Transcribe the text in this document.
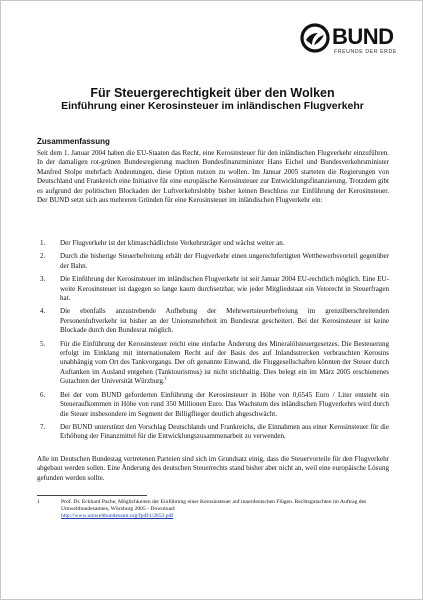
BUND
FREUNDE DER ERDE
Für Steuergerechtigkeit über den Wolken
Einführung einer Kerosinsteuer im inländischen Flugverkehr
Zusammenfassung
Seit dem 1. Januar 2004 haben die EU-Staaten das Recht, eine Kerosinsteuer für den inländischen Flugverkehr einzuführen. In der damaligen rot-grünen Bundesregierung machten Bundesfinanzminister Hans Eichel und Bundesverkehrsminister Manfred Stolpe mehrfach Andeutungen, diese Option nutzen zu wollen. Im Januar 2005 starteten die Regierungen von Deutschland und Frankreich eine Initiative für eine europäische Kerosinsteuer zur Entwicklungsfinanzierung. Trotzdem gibt es aufgrund der politischen Blockaden der Luftverkehrslobby bisher keinen Beschluss zur Einführung der Kerosinsteuer. Der BUND setzt sich aus mehreren Gründen für eine Kerosinsteuer im inländischen Flugverkehr ein:
1. Der Flugverkehr ist der klimaschädlichste Verkehrsträger und wächst weiter an.
2. Durch die bisherige Steuerbefreiung erhält der Flugverkehr einen ungerechtfertigten Wettbewerbsvorteil gegenüber der Bahn.
3. Die Einführung der Kerosinsteuer im inländischen Flugverkehr ist seit Januar 2004 EU-rechtlich möglich. Eine EU-weite Kerosinsteuer ist dagegen so lange kaum durchsetzbar, wie jeder Mitgliedstaat ein Vetorecht in Steuerfragen hat.
4. Die ebenfalls anzustrebende Aufhebung der Mehrwertsteuerbefreiung im grenzüberschreitenden Personenluftverkehr ist bisher an der Unionsmehrheit im Bundesrat gescheitert. Bei der Kerosinsteuer ist keine Blockade durch den Bundesrat möglich.
5. Für die Einführung der Kerosinsteuer reicht eine einfache Änderung des Mineralölsteuergesetzes. Die Besteuerung erfolgt im Einklang mit internationalem Recht auf der Basis des auf Inlandsstrecken verbrauchten Kerosins unabhängig vom Ort des Tankvorgangs. Der oft genannte Einwand, die Fluggesellschaften könnten der Steuer durch Auftanken im Ausland entgehen (Tanktourismus) ist nicht stichhaltig. Dies belegt ein im März 2005 erschienenes Gutachten der Universität Würzburg.$^1$
6. Bei der vom BUND geforderten Einführung der Kerosinsteuer in Höhe von 0,6545 Euro / Liter entsteht ein Steueraufkommen in Höhe von rund 350 Millionen Euro. Das Wachstum des inländischen Flugverkehrs wird durch die Steuer insbesondere im Segment der Billigflieger deutlich abgeschwächt.
7. Der BUND unterstützt den Vorschlag Deutschlands und Frankreichs, die Einnahmen aus einer Kerosinsteuer für die Erhöhung der Finanzmittel für die Entwicklungszusammenarbeit zu verwenden.
Alle im Deutschen Bundestag vertretenen Parteien sind sich im Grundsatz einig, dass die Steuervorteile für den Flugverkehr abgebaut werden sollen. Eine Änderung des deutschen Steuerrechts stand bisher aber nicht an, weil eine europäische Lösung gefunden werden sollte.
1	Prof. Dr. Eckhard Pache, Möglichkeiten der Einführung einer Kerosinsteuer auf innerdeutschen Flügen. Rechtsgutachten im Auftrag des Umweltbundesamtes, Würzburg 2005 - Download:
http://www.umweltbundesamt.org/fpdf-l/2853.pdf
